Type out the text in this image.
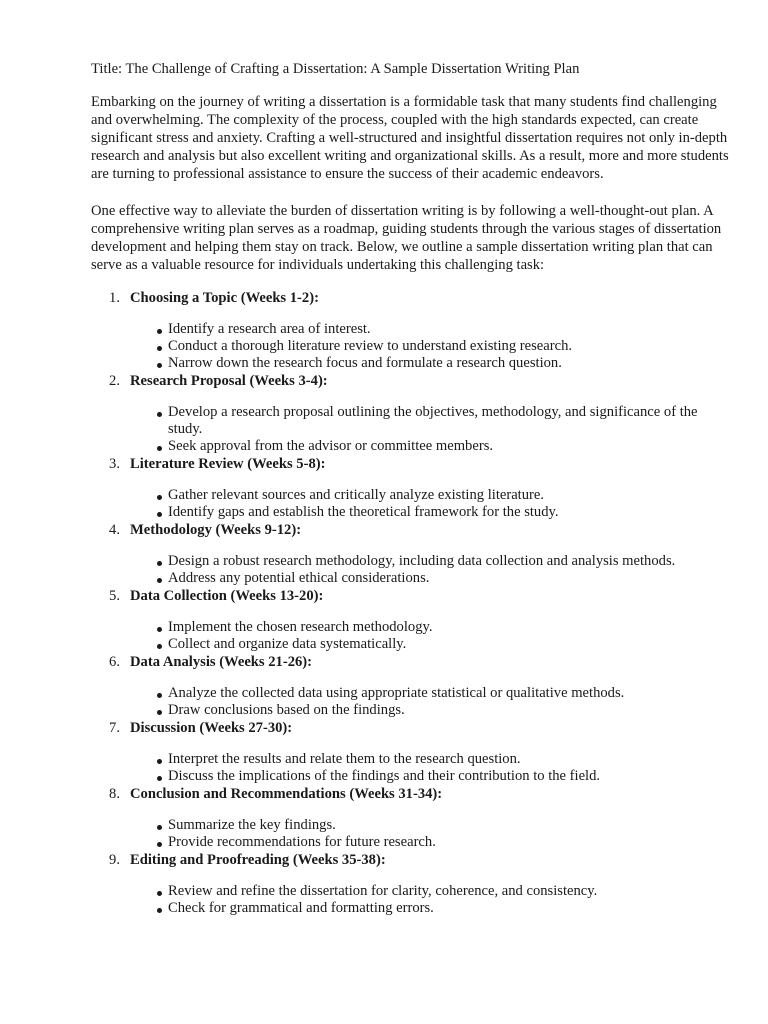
Title: The Challenge of Crafting a Dissertation: A Sample Dissertation Writing Plan

Embarking on the journey of writing a dissertation is a formidable task that many students find challenging and overwhelming. The complexity of the process, coupled with the high standards expected, can create significant stress and anxiety. Crafting a well-structured and insightful dissertation requires not only in-depth research and analysis but also excellent writing and organizational skills. As a result, more and more students are turning to professional assistance to ensure the success of their academic endeavors.

One effective way to alleviate the burden of dissertation writing is by following a well-thought-out plan. A comprehensive writing plan serves as a roadmap, guiding students through the various stages of dissertation development and helping them stay on track. Below, we outline a sample dissertation writing plan that can serve as a valuable resource for individuals undertaking this challenging task:

1. Choosing a Topic (Weeks 1-2):
Identify a research area of interest.
Conduct a thorough literature review to understand existing research.
Narrow down the research focus and formulate a research question.
2. Research Proposal (Weeks 3-4):
Develop a research proposal outlining the objectives, methodology, and significance of the study.
Seek approval from the advisor or committee members.
3. Literature Review (Weeks 5-8):
Gather relevant sources and critically analyze existing literature.
Identify gaps and establish the theoretical framework for the study.
4. Methodology (Weeks 9-12):
Design a robust research methodology, including data collection and analysis methods.
Address any potential ethical considerations.
5. Data Collection (Weeks 13-20):
Implement the chosen research methodology.
Collect and organize data systematically.
6. Data Analysis (Weeks 21-26):
Analyze the collected data using appropriate statistical or qualitative methods.
Draw conclusions based on the findings.
7. Discussion (Weeks 27-30):
Interpret the results and relate them to the research question.
Discuss the implications of the findings and their contribution to the field.
8. Conclusion and Recommendations (Weeks 31-34):
Summarize the key findings.
Provide recommendations for future research.
9. Editing and Proofreading (Weeks 35-38):
Review and refine the dissertation for clarity, coherence, and consistency.
Check for grammatical and formatting errors.
